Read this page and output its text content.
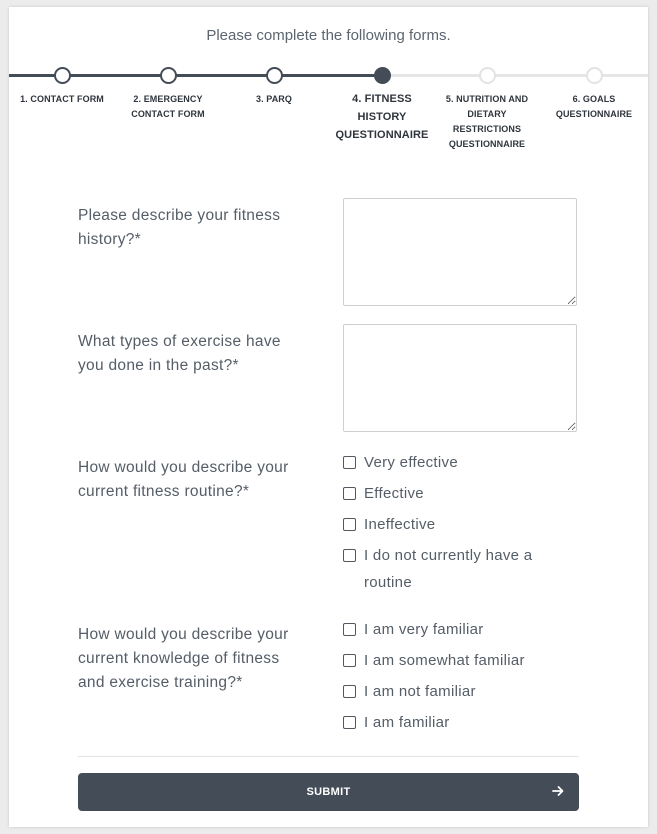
Please complete the following forms.
1. CONTACT FORM	2. EMERGENCY CONTACT FORM
3. PARQ	4. FITNESS HISTORY QUESTIONNAIRE
5. NUTRITION AND DIETARY RESTRICTIONS QUESTIONNAIRE
6. GOALS QUESTIONNAIRE
Please describe your fitness history?*
What types of exercise have you done in the past?*
How would you describe your current fitness routine?*
Very effective
Effective
Ineffective
I do not currently have a routine
How would you describe your current knowledge of fitness and exercise training?*
I am very familiar
I am somewhat familiar
I am not familiar
I am familiar
SUBMIT
